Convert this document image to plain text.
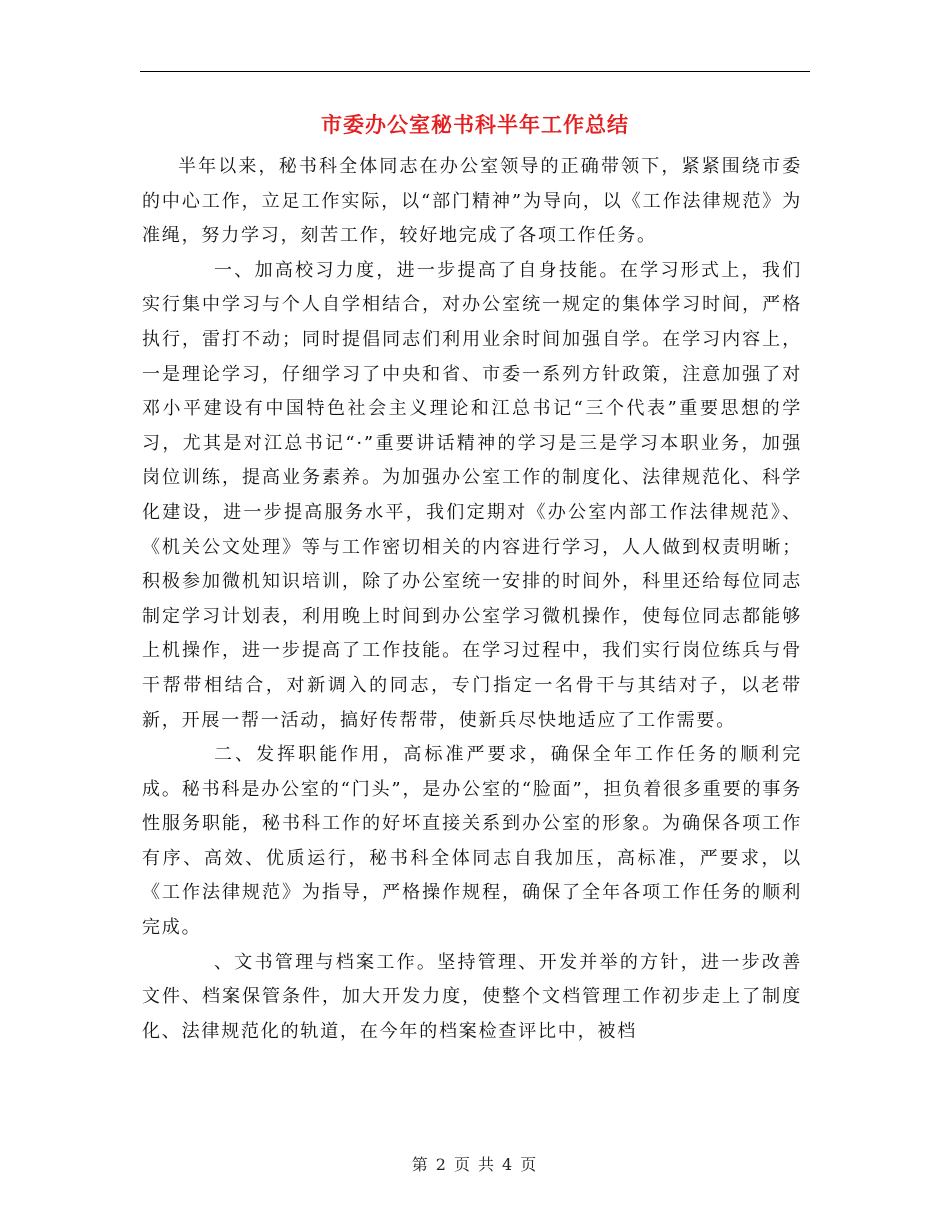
市委办公室秘书科半年工作总结

半年以来，秘书科全体同志在办公室领导的正确带领下，紧紧围绕市委的中心工作，立足工作实际，以“部门精神”为导向，以《工作法律规范》为准绳，努力学习，刻苦工作，较好地完成了各项工作任务。

一、加高校习力度，进一步提高了自身技能。在学习形式上，我们实行集中学习与个人自学相结合，对办公室统一规定的集体学习时间，严格执行，雷打不动；同时提倡同志们利用业余时间加强自学。在学习内容上，一是理论学习，仔细学习了中央和省、市委一系列方针政策，注意加强了对邓小平建设有中国特色社会主义理论和江总书记“三个代表”重要思想的学习，尤其是对江总书记“·”重要讲话精神的学习是三是学习本职业务，加强岗位训练，提高业务素养。为加强办公室工作的制度化、法律规范化、科学化建设，进一步提高服务水平，我们定期对《办公室内部工作法律规范》、《机关公文处理》等与工作密切相关的内容进行学习，人人做到权责明晰；积极参加微机知识培训，除了办公室统一安排的时间外，科里还给每位同志制定学习计划表，利用晚上时间到办公室学习微机操作，使每位同志都能够上机操作，进一步提高了工作技能。在学习过程中，我们实行岗位练兵与骨干帮带相结合，对新调入的同志，专门指定一名骨干与其结对子，以老带新，开展一帮一活动，搞好传帮带，使新兵尽快地适应了工作需要。

二、发挥职能作用，高标准严要求，确保全年工作任务的顺利完成。秘书科是办公室的“门头”，是办公室的“脸面”，担负着很多重要的事务性服务职能，秘书科工作的好坏直接关系到办公室的形象。为确保各项工作有序、高效、优质运行，秘书科全体同志自我加压，高标准，严要求，以《工作法律规范》为指导，严格操作规程，确保了全年各项工作任务的顺利完成。

、文书管理与档案工作。坚持管理、开发并举的方针，进一步改善文件、档案保管条件，加大开发力度，使整个文档管理工作初步走上了制度化、法律规范化的轨道，在今年的档案检查评比中，被档

第 2 页 共 4 页
